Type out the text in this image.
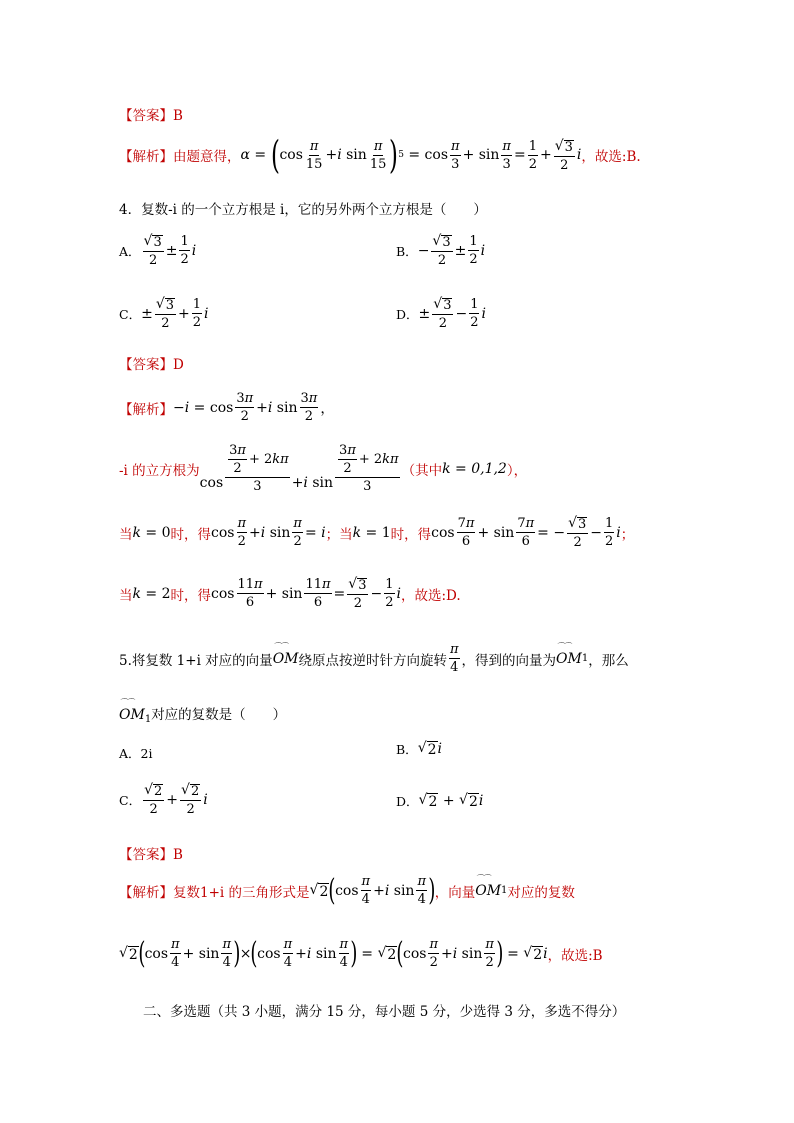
【答案】B
【解析】 由题意得， α = ( cos
π
15
+ i sin
π
15 ) 5 = cos
π
3
+ $\sin \frac{\pi}{3} = \frac{1}{2} + \frac{√ 3}{2}$ i ，故选:B.
4．复数-i 的一个立方根是 i，它的另外两个立方根是（　　）
A．
√ 3
2
± $\frac{1}{2}$ i	B． − $\frac{√ 3}{2} \pm \frac{1}{2}$ i
C． ± $\frac{√ 3}{2} + \frac{1}{2}$ i	D． ± $\frac{√ 3}{2} - \frac{1}{2}$ i
【答案】D
【解析】 − i = cos
3π
2
+ i sin
3π
2 ，
-i 的立方根为
cos
3π
2
+ 2kπ
3 + i sin
3π
2
+ 2kπ
3
（其中 k = 0,1,2 ），
当 k = 0 时，得 cos
π
2
+ i $\sin \frac{\pi}{2} = i$ ；当 k = 1 时，得 cos
7π
6
+ $\sin \frac{7\pi}{6}$ = − $\frac{√ 3}{2} - \frac{1}{2}$ i ；
当 k = 2 时，得 cos
11π
6
+ $\sin \frac{11\pi}{6} = \frac{√ 3}{2} - \frac{1}{2}$ i ，故选:D.
5.将复数 1+i 对应的向量 ⌒⌒ OM 绕原点按逆时针方向旋转
π
4 ，得到的向量为 ⌒⌒ OM 1 ，那么
⌒⌒ $OM_1$对应的复数是（　　）
A．2i	B． √ 2 i
C．
√ 2
2
+ $\frac{√ 2}{2}$ i	D． √ 2 + √ 2 i
【答案】B
【解析】 复数1+i 的三角形式是 √ 2 ( cos
π
4
+ i sin
π
4 ) ，向量 ⌒⌒ OM 1 对应的复数
√ 2 ( cos
π
4
+ sin
π
4 ) × ( cos
π
4
+ i sin
π
4 ) = √ 2 ( cos
π
2
+ i sin
π
2 ) = √ 2 i ，故选:B
二、多选题（共 3 小题，满分 15 分，每小题 5 分，少选得 3 分，多选不得分）
